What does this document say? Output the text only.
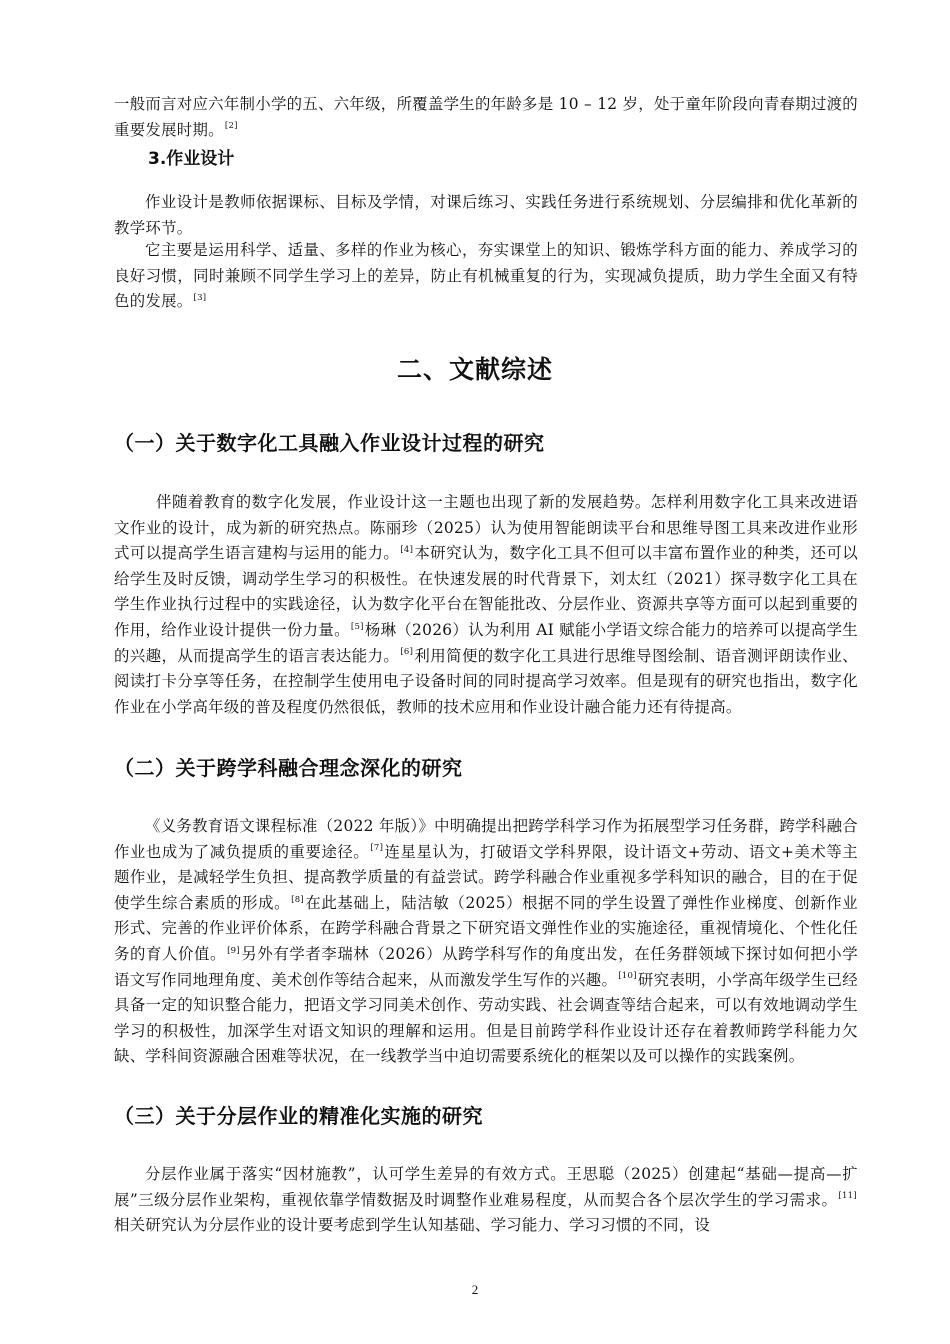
一般而言对应六年制小学的五、六年级，所覆盖学生的年龄多是 10 – 12 岁，处于童年阶段向青春期过渡的重要发展时期。[2]

3.作业设计

作业设计是教师依据课标、目标及学情，对课后练习、实践任务进行系统规划、分层编排和优化革新的教学环节。

它主要是运用科学、适量、多样的作业为核心，夯实课堂上的知识、锻炼学科方面的能力、养成学习的良好习惯，同时兼顾不同学生学习上的差异，防止有机械重复的行为，实现减负提质，助力学生全面又有特色的发展。[3]

二、文献综述
（一）关于数字化工具融入作业设计过程的研究

伴随着教育的数字化发展，作业设计这一主题也出现了新的发展趋势。怎样利用数字化工具来改进语文作业的设计，成为新的研究热点。陈丽珍（2025）认为使用智能朗读平台和思维导图工具来改进作业形式可以提高学生语言建构与运用的能力。[4]本研究认为，数字化工具不但可以丰富布置作业的种类，还可以给学生及时反馈，调动学生学习的积极性。在快速发展的时代背景下，刘太红（2021）探寻数字化工具在学生作业执行过程中的实践途径，认为数字化平台在智能批改、分层作业、资源共享等方面可以起到重要的作用，给作业设计提供一份力量。[5]杨琳（2026）认为利用 AI 赋能小学语文综合能力的培养可以提高学生的兴趣，从而提高学生的语言表达能力。[6]利用简便的数字化工具进行思维导图绘制、语音测评朗读作业、阅读打卡分享等任务，在控制学生使用电子设备时间的同时提高学习效率。但是现有的研究也指出，数字化作业在小学高年级的普及程度仍然很低，教师的技术应用和作业设计融合能力还有待提高。

（二）关于跨学科融合理念深化的研究

《义务教育语文课程标准（2022 年版）》中明确提出把跨学科学习作为拓展型学习任务群，跨学科融合作业也成为了减负提质的重要途径。[7]连星星认为，打破语文学科界限，设计语文+劳动、语文+美术等主题作业，是减轻学生负担、提高教学质量的有益尝试。跨学科融合作业重视多学科知识的融合，目的在于促使学生综合素质的形成。[8]在此基础上，陆洁敏（2025）根据不同的学生设置了弹性作业梯度、创新作业形式、完善的作业评价体系，在跨学科融合背景之下研究语文弹性作业的实施途径，重视情境化、个性化任务的育人价值。[9]另外有学者李瑞林（2026）从跨学科写作的角度出发，在任务群领域下探讨如何把小学语文写作同地理角度、美术创作等结合起来，从而激发学生写作的兴趣。[10]研究表明，小学高年级学生已经具备一定的知识整合能力，把语文学习同美术创作、劳动实践、社会调查等结合起来，可以有效地调动学生学习的积极性，加深学生对语文知识的理解和运用。但是目前跨学科作业设计还存在着教师跨学科能力欠缺、学科间资源融合困难等状况，在一线教学当中迫切需要系统化的框架以及可以操作的实践案例。

（三）关于分层作业的精准化实施的研究

分层作业属于落实“因材施教”，认可学生差异的有效方式。王思聪（2025）创建起“基础—提高—扩展”三级分层作业架构，重视依靠学情数据及时调整作业难易程度，从而契合各个层次学生的学习需求。[11]相关研究认为分层作业的设计要考虑到学生认知基础、学习能力、学习习惯的不同，设

2
